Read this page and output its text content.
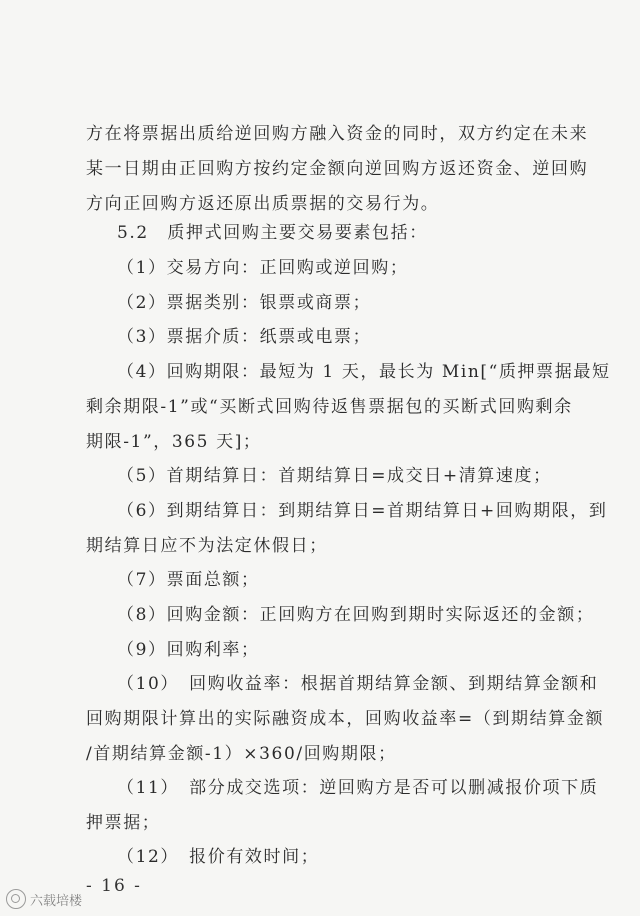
方在将票据出质给逆回购方融入资金的同时，双方约定在未来

某一日期由正回购方按约定金额向逆回购方返还资金、逆回购

方向正回购方返还原出质票据的交易行为。

5.2　质押式回购主要交易要素包括：

（1）交易方向：正回购或逆回购；

（2）票据类别：银票或商票；

（3）票据介质：纸票或电票；

（4）回购期限：最短为 1 天，最长为 Min[“质押票据最短

剩余期限-1”或“买断式回购待返售票据包的买断式回购剩余

期限-1”，365 天]；

（5）首期结算日：首期结算日=成交日+清算速度；

（6）到期结算日：到期结算日=首期结算日+回购期限，到

期结算日应不为法定休假日；

（7）票面总额；

（8）回购金额：正回购方在回购到期时实际返还的金额；

（9）回购利率；

（10）　回购收益率：根据首期结算金额、到期结算金额和

回购期限计算出的实际融资成本，回购收益率=（到期结算金额

/首期结算金额-1）×360/回购期限；

（11）　部分成交选项：逆回购方是否可以删减报价项下质

押票据；

（12）　报价有效时间；

- 16 -
六载培楼
